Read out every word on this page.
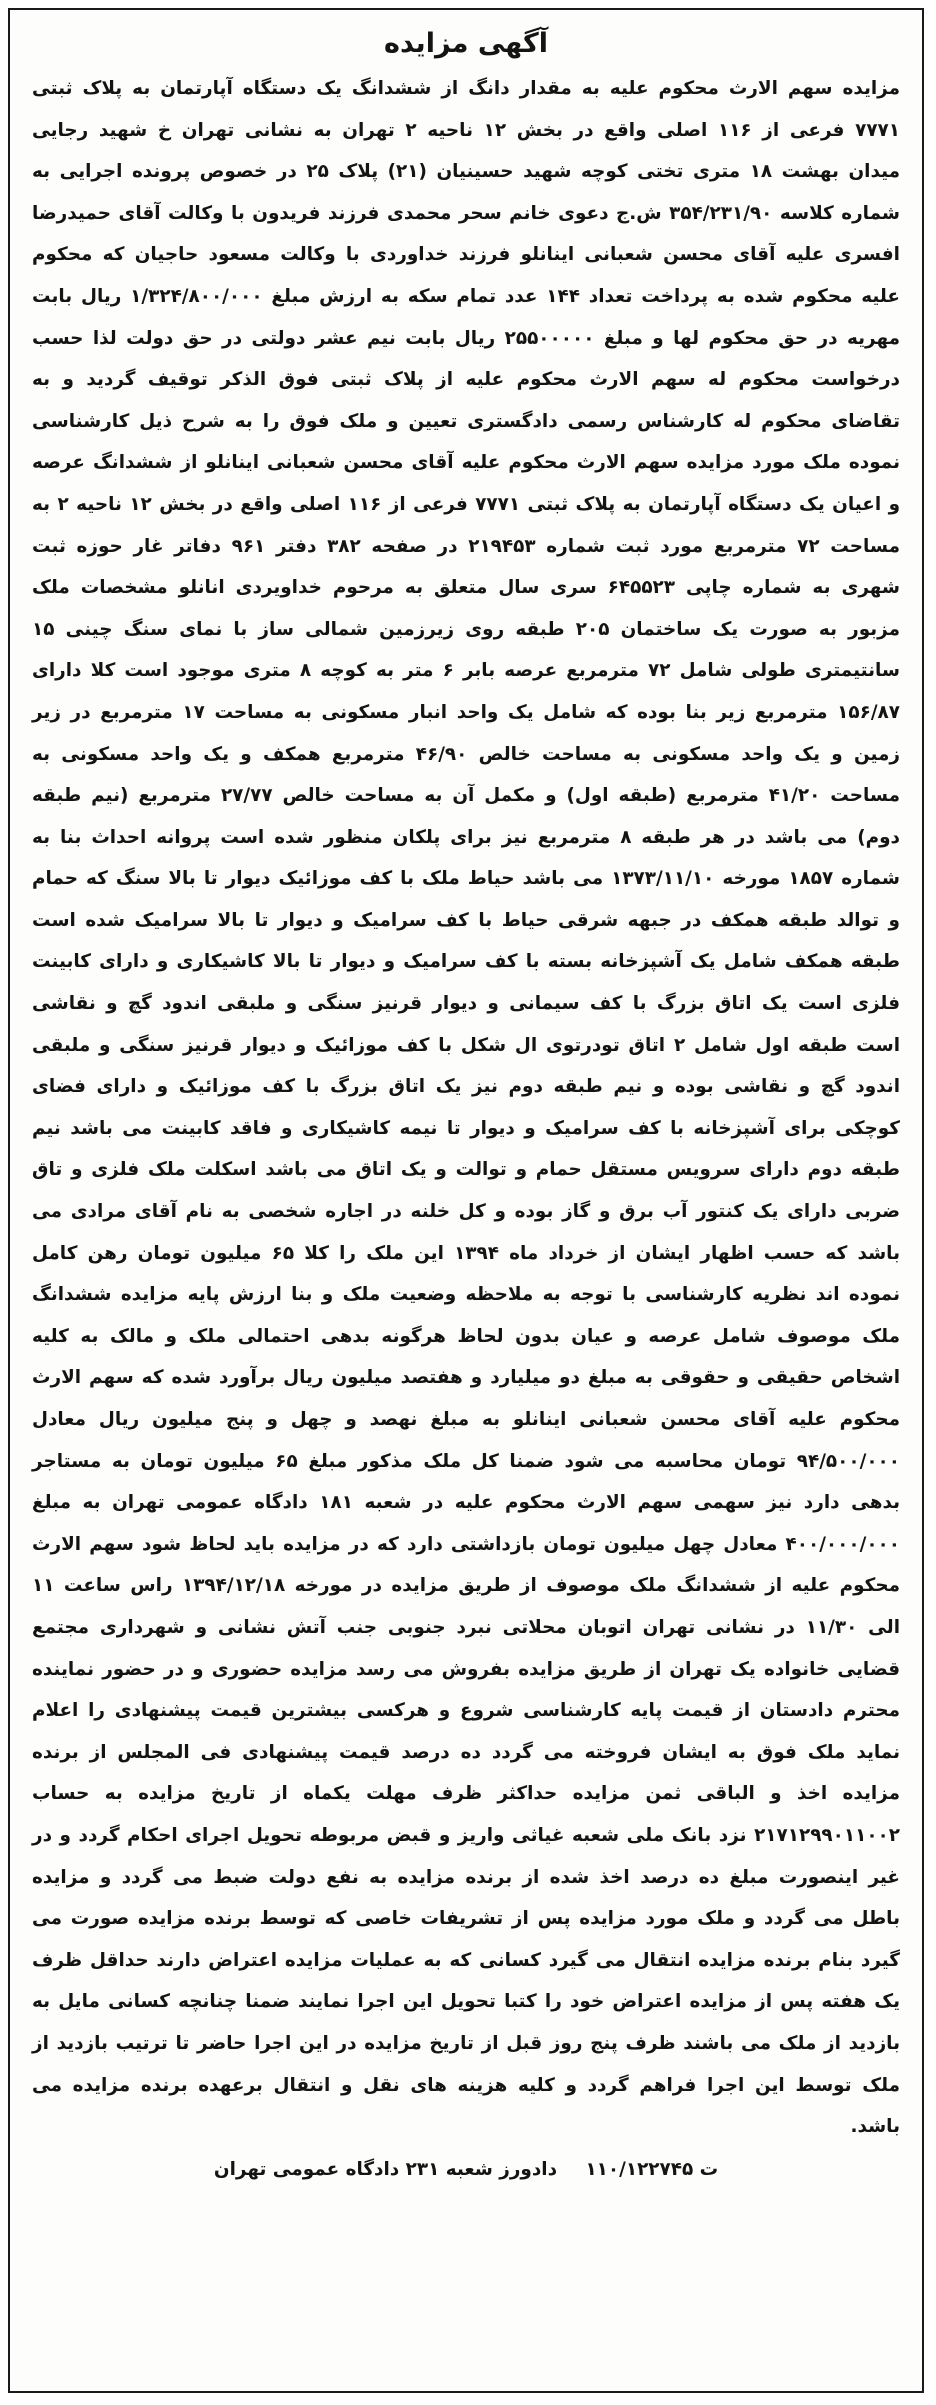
آگهی مزایده

مزایده سهم الارث محکوم علیه به مقدار دانگ از ششدانگ یک دستگاه آپارتمان به پلاک ثبتی ۷۷۷۱ فرعی از ۱۱۶ اصلی واقع در بخش ۱۲ ناحیه ۲ تهران به نشانی تهران خ شهید رجایی میدان بهشت ۱۸ متری تختی کوچه شهید حسینیان (۲۱) پلاک ۲۵ در خصوص پرونده اجرایی به شماره کلاسه ۳۵۴/۲۳۱/۹۰ ش.ج دعوی خانم سحر محمدی فرزند فریدون با وکالت آقای حمیدرضا افسری علیه آقای محسن شعبانی اینانلو فرزند خداوردی با وکالت مسعود حاجیان که محکوم علیه محکوم شده به پرداخت تعداد ۱۴۴ عدد تمام سکه به ارزش مبلغ ۱/۳۲۴/۸۰۰/۰۰۰ ریال بابت مهریه در حق محکوم لها و مبلغ ۲۵۵۰۰۰۰۰ ریال بابت نیم عشر دولتی در حق دولت لذا حسب درخواست محکوم له سهم الارث محکوم علیه از پلاک ثبتی فوق الذکر توقیف گردید و به تقاضای محکوم له کارشناس رسمی دادگستری تعیین و ملک فوق را به شرح ذیل کارشناسی نموده ملک مورد مزایده سهم الارث محکوم علیه آقای محسن شعبانی اینانلو از ششدانگ عرصه و اعیان یک دستگاه آپارتمان به پلاک ثبتی ۷۷۷۱ فرعی از ۱۱۶ اصلی واقع در بخش ۱۲ ناحیه ۲ به مساحت ۷۲ مترمربع مورد ثبت شماره ۲۱۹۴۵۳ در صفحه ۳۸۲ دفتر ۹۶۱ دفاتر غار حوزه ثبت شهری به شماره چاپی ۶۴۵۵۲۳ سری سال متعلق به مرحوم خداویردی انانلو مشخصات ملک مزبور به صورت یک ساختمان ۲۰۵ طبقه روی زیرزمین شمالی ساز با نمای سنگ چینی ۱۵ سانتیمتری طولی شامل ۷۲ مترمربع عرصه بابر ۶ متر به کوچه ۸ متری موجود است کلا دارای ۱۵۶/۸۷ مترمربع زیر بنا بوده که شامل یک واحد انبار مسکونی به مساحت ۱۷ مترمربع در زیر زمین و یک واحد مسکونی به مساحت خالص ۴۶/۹۰ مترمربع همکف و یک واحد مسکونی به مساحت ۴۱/۲۰ مترمربع (طبقه اول) و مکمل آن به مساحت خالص ۲۷/۷۷ مترمربع (نیم طبقه دوم) می باشد در هر طبقه ۸ مترمربع نیز برای پلکان منظور شده است پروانه احداث بنا به شماره ۱۸۵۷ مورخه ۱۳۷۳/۱۱/۱۰ می باشد حیاط ملک با کف موزائیک دیوار تا بالا سنگ که حمام و توالد طبقه همکف در جبهه شرقی حیاط با کف سرامیک و دیوار تا بالا سرامیک شده است طبقه همکف شامل یک آشپزخانه بسته با کف سرامیک و دیوار تا بالا کاشیکاری و دارای کابینت فلزی است یک اتاق بزرگ با کف سیمانی و دیوار قرنیز سنگی و ملبقی اندود گچ و نقاشی است طبقه اول شامل ۲ اتاق تودرتوی ال شکل با کف موزائیک و دیوار قرنیز سنگی و ملبقی اندود گچ و نقاشی بوده و نیم طبقه دوم نیز یک اتاق بزرگ با کف موزائیک و دارای فضای کوچکی برای آشپزخانه با کف سرامیک و دیوار تا نیمه کاشیکاری و فاقد کابینت می باشد نیم طبقه دوم دارای سرویس مستقل حمام و توالت و یک اتاق می باشد اسکلت ملک فلزی و تاق ضربی دارای یک کنتور آب برق و گاز بوده و کل خلنه در اجاره شخصی به نام آقای مرادی می باشد که حسب اظهار ایشان از خرداد ماه ۱۳۹۴ این ملک را کلا ۶۵ میلیون تومان رهن کامل نموده اند نظریه کارشناسی با توجه به ملاحظه وضعیت ملک و بنا ارزش پایه مزایده ششدانگ ملک موصوف شامل عرصه و عیان بدون لحاظ هرگونه بدهی احتمالی ملک و مالک به کلیه اشخاص حقیقی و حقوقی به مبلغ دو میلیارد و هفتصد میلیون ریال برآورد شده که سهم الارث محکوم علیه آقای محسن شعبانی اینانلو به مبلغ نهصد و چهل و پنج میلیون ریال معادل ۹۴/۵۰۰/۰۰۰ تومان محاسبه می شود ضمنا کل ملک مذکور مبلغ ۶۵ میلیون تومان به مستاجر بدهی دارد نیز سهمی سهم الارث محکوم علیه در شعبه ۱۸۱ دادگاه عمومی تهران به مبلغ ۴۰۰/۰۰۰/۰۰۰ معادل چهل میلیون تومان بازداشتی دارد که در مزایده باید لحاظ شود سهم الارث محکوم علیه از ششدانگ ملک موصوف از طریق مزایده در مورخه ۱۳۹۴/۱۲/۱۸ راس ساعت ۱۱ الی ۱۱/۳۰ در نشانی تهران اتوبان محلاتی نبرد جنوبی جنب آتش نشانی و شهرداری مجتمع قضایی خانواده یک تهران از طریق مزایده بفروش می رسد مزایده حضوری و در حضور نماینده محترم دادستان از قیمت پایه کارشناسی شروع و هرکسی بیشترین قیمت پیشنهادی را اعلام نماید ملک فوق به ایشان فروخته می گردد ده درصد قیمت پیشنهادی فی المجلس از برنده مزایده اخذ و الباقی ثمن مزایده حداکثر ظرف مهلت یکماه از تاریخ مزایده به حساب ۲۱۷۱۲۹۹۰۱۱۰۰۲ نزد بانک ملی شعبه غیاثی واریز و قبض مربوطه تحویل اجرای احکام گردد و در غیر اینصورت مبلغ ده درصد اخذ شده از برنده مزایده به نفع دولت ضبط می گردد و مزایده باطل می گردد و ملک مورد مزایده پس از تشریفات خاصی که توسط برنده مزایده صورت می گیرد بنام برنده مزایده انتقال می گیرد کسانی که به عملیات مزایده اعتراض دارند حداقل ظرف یک هفته پس از مزایده اعتراض خود را کتبا تحویل این اجرا نمایند ضمنا چنانچه کسانی مایل به بازدید از ملک می باشند ظرف پنج روز قبل از تاریخ مزایده در این اجرا حاضر تا ترتیب بازدید از ملک توسط این اجرا فراهم گردد و کلیه هزینه های نقل و انتقال برعهده برنده مزایده می باشد.

ت ۱۱۰/۱۲۲۷۴۵ دادورز شعبه ۲۳۱ دادگاه عمومی تهران
